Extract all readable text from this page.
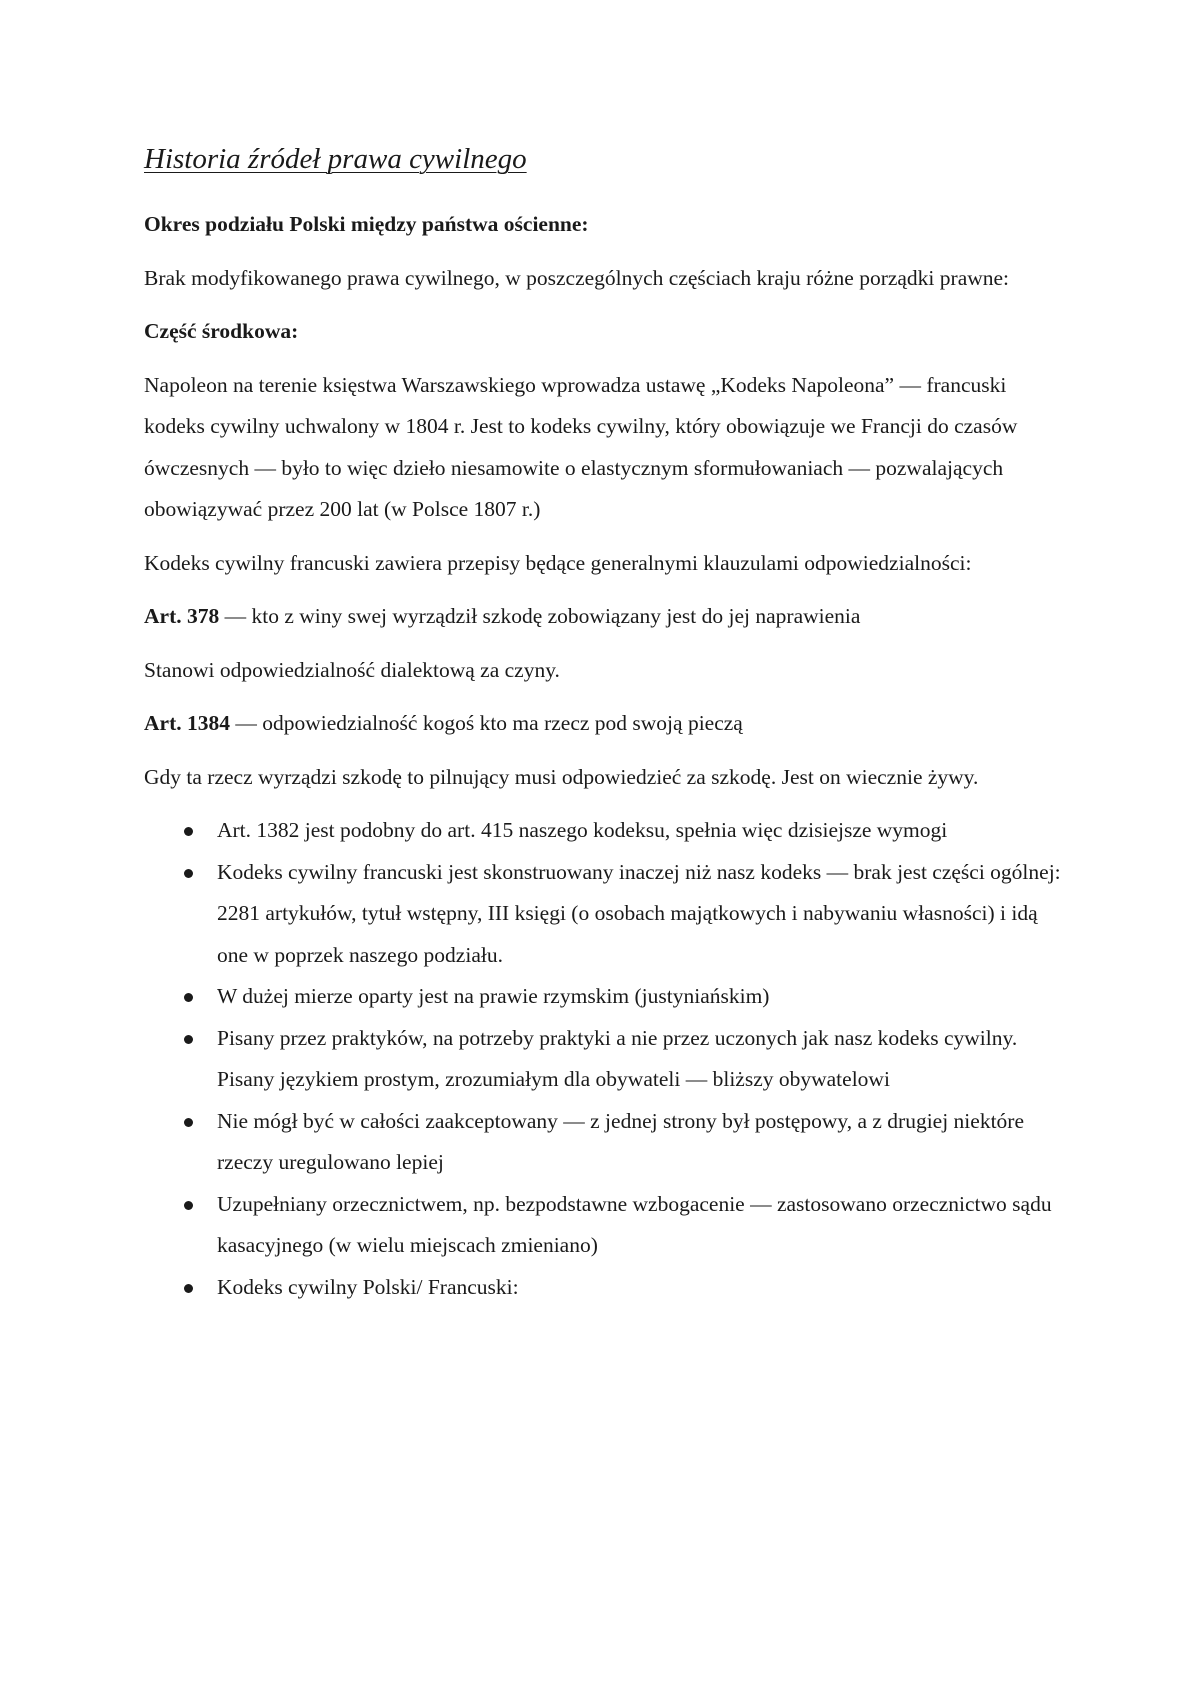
Historia źródeł prawa cywilnego

Okres podziału Polski między państwa ościenne:

Brak modyfikowanego prawa cywilnego, w poszczególnych częściach kraju różne porządki prawne:

Część środkowa:

Napoleon na terenie księstwa Warszawskiego wprowadza ustawę „Kodeks Napoleona” — francuski kodeks cywilny uchwalony w 1804 r. Jest to kodeks cywilny, który obowiązuje we Francji do czasów ówczesnych — było to więc dzieło niesamowite o elastycznym sformułowaniach — pozwalających obowiązywać przez 200 lat (w Polsce 1807 r.)

Kodeks cywilny francuski zawiera przepisy będące generalnymi klauzulami odpowiedzialności:

Art. 378 — kto z winy swej wyrządził szkodę zobowiązany jest do jej naprawienia

Stanowi odpowiedzialność dialektową za czyny.

Art. 1384 — odpowiedzialność kogoś kto ma rzecz pod swoją pieczą

Gdy ta rzecz wyrządzi szkodę to pilnujący musi odpowiedzieć za szkodę. Jest on wiecznie żywy.

Art. 1382 jest podobny do art. 415 naszego kodeksu, spełnia więc dzisiejsze wymogi
Kodeks cywilny francuski jest skonstruowany inaczej niż nasz kodeks — brak jest części ogólnej: 2281 artykułów, tytuł wstępny, III księgi (o osobach majątkowych i nabywaniu własności) i idą one w poprzek naszego podziału.
W dużej mierze oparty jest na prawie rzymskim (justyniańskim)
Pisany przez praktyków, na potrzeby praktyki a nie przez uczonych jak nasz kodeks cywilny. Pisany językiem prostym, zrozumiałym dla obywateli — bliższy obywatelowi
Nie mógł być w całości zaakceptowany — z jednej strony był postępowy, a z drugiej niektóre rzeczy uregulowano lepiej
Uzupełniany orzecznictwem, np. bezpodstawne wzbogacenie — zastosowano orzecznictwo sądu kasacyjnego (w wielu miejscach zmieniano)
Kodeks cywilny Polski/ Francuski:
